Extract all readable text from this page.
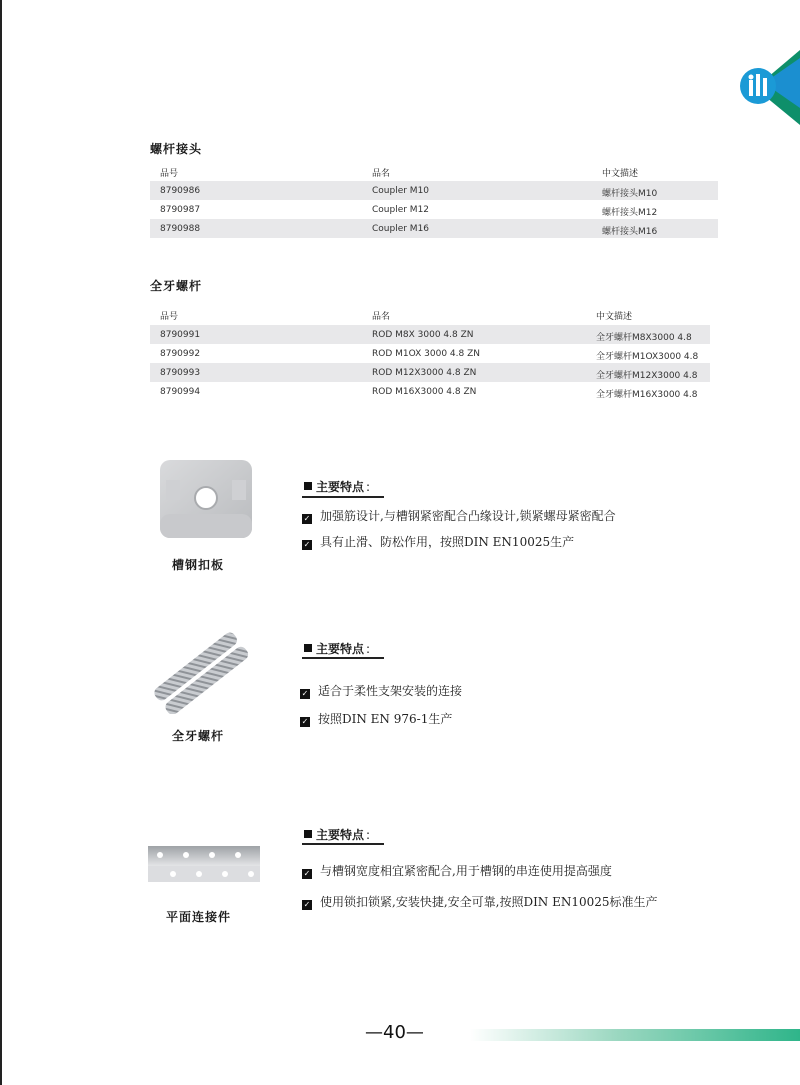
螺杆接头
品号	品名	中文描述
8790986	Coupler M10	螺杆接头M10
8790987	Coupler M12	螺杆接头M12
8790988	Coupler M16	螺杆接头M16
全牙螺杆
品号	品名	中文描述
8790991	ROD M8X 3000 4.8 ZN	全牙螺杆M8X3000 4.8
8790992	ROD M1OX 3000 4.8 ZN	全牙螺杆M1OX3000 4.8
8790993	ROD M12X3000 4.8 ZN	全牙螺杆M12X3000 4.8
8790994	ROD M16X3000 4.8 ZN	全牙螺杆M16X3000 4.8
槽钢扣板
主要特点 :
✓ 加强筋设计,与槽钢紧密配合凸缘设计,锁紧螺母紧密配合
✓ 具有止滑、防松作用，按照DIN EN10025生产
全牙螺杆
主要特点 :
✓ 适合于柔性支架安装的连接
✓ 按照DIN EN 976-1生产
平面连接件
主要特点 :
✓ 与槽钢宽度相宜紧密配合,用于槽钢的串连使用提高强度
✓ 使用锁扣锁紧,安装快捷,安全可靠,按照DIN EN10025标准生产
—40—
